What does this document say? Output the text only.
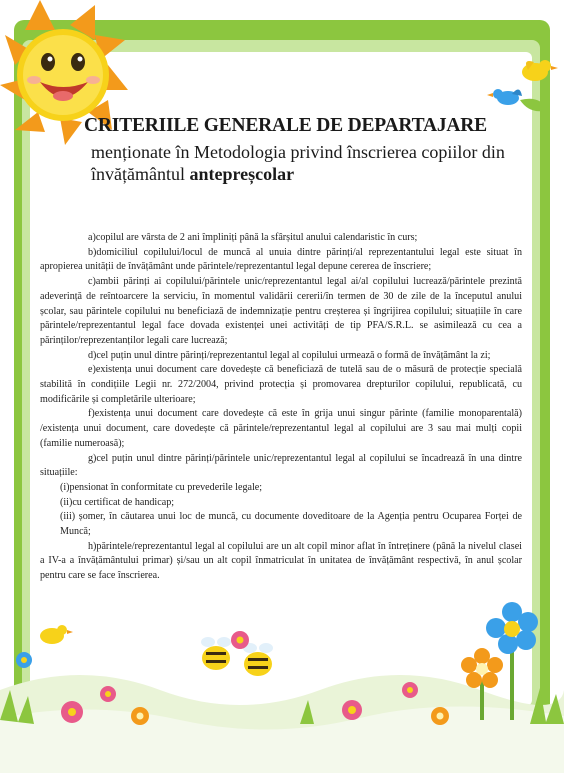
CRITERIILE GENERALE DE DEPARTAJARE
menționate în Metodologia privind înscrierea copiilor din
învățământul antepreșcolar

a)copilul are vârsta de 2 ani împliniți până la sfârșitul anului calendaristic în curs;

b)domiciliul copilului/locul de muncă al unuia dintre părinți/al reprezentantului legal este situat în apropierea unității de învățământ unde părintele/reprezentantul legal depune cererea de înscriere;

c)ambii părinți ai copilului/părintele unic/reprezentantul legal ai/al copilului lucrează/părintele prezintă adeverință de reîntoarcere la serviciu, în momentul validării cererii/în termen de 30 de zile de la începutul anului școlar, sau părintele copilului nu beneficiază de indemnizație pentru creșterea și îngrijirea copilului; situațiile în care părintele/reprezentantul legal face dovada existenței unei activități de tip PFA/S.R.L. se asimilează cu cea a părinților/reprezentanților legali care lucrează;

d)cel puțin unul dintre părinți/reprezentantul legal al copilului urmează o formă de învățământ la zi;

e)existența unui document care dovedește că beneficiază de tutelă sau de o măsură de protecție specială stabilită în condițiile Legii nr. 272/2004, privind protecția și promovarea drepturilor copilului, republicată, cu modificările și completările ulterioare;

f)existența unui document care dovedește că este în grija unui singur părinte (familie monoparentală) /existența unui document, care dovedește că părintele/reprezentantul legal al copilului are 3 sau mai mulți copii (familie numeroasă);

g)cel puțin unul dintre părinți/părintele unic/reprezentantul legal al copilului se încadrează în una dintre situațiile:

(i)pensionat în conformitate cu prevederile legale;

(ii)cu certificat de handicap;

(iii) șomer, în căutarea unui loc de muncă, cu documente doveditoare de la Agenția pentru Ocuparea Forței de Muncă;

h)părintele/reprezentantul legal al copilului are un alt copil minor aflat în întreținere (până la nivelul clasei a IV-a a învățământului primar) și/sau un alt copil înmatriculat în unitatea de învățământ respectivă, în anul școlar pentru care se face înscrierea.
